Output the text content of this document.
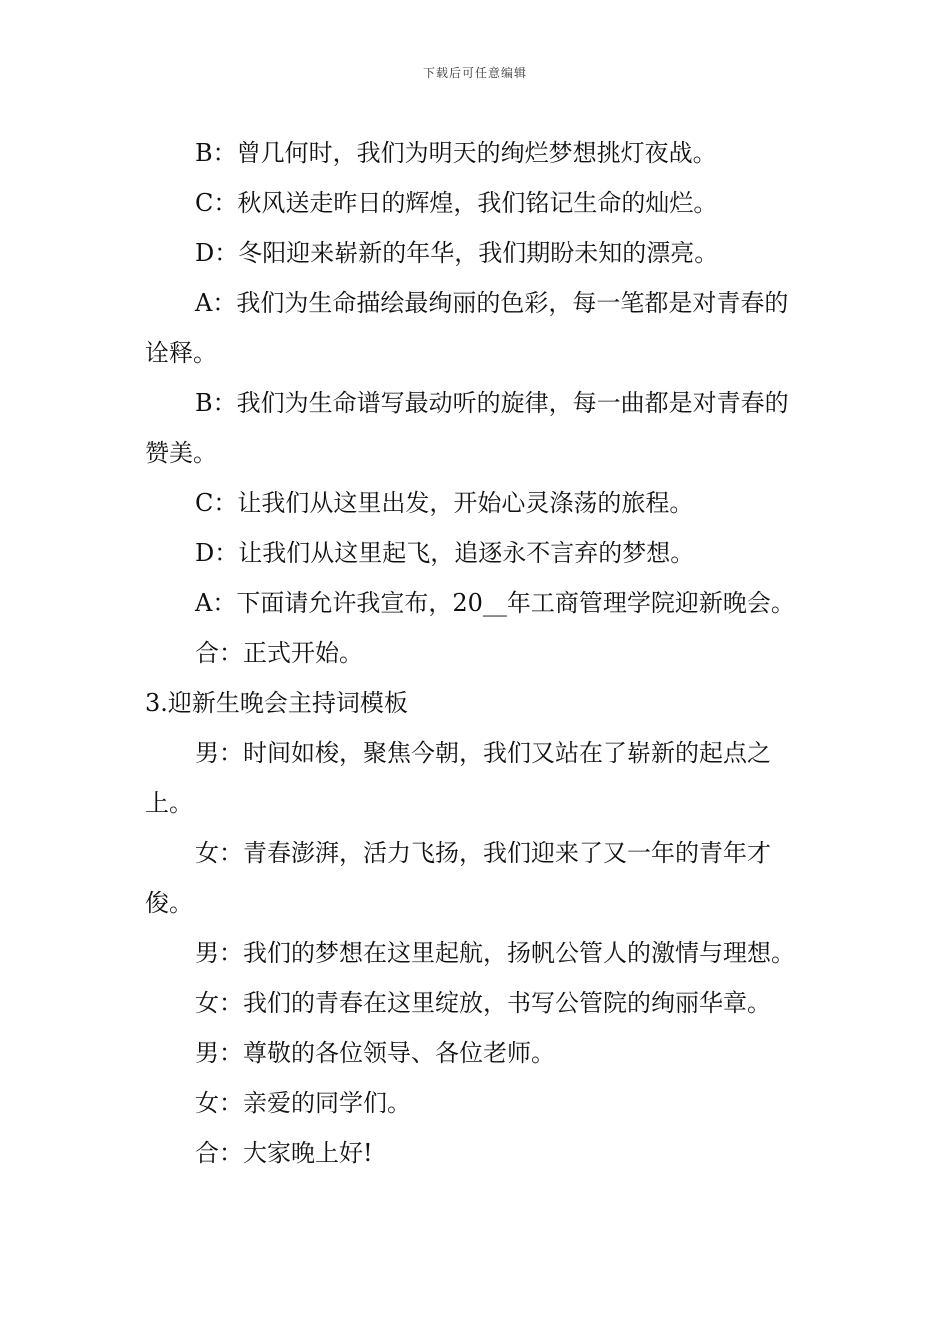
下载后可任意编辑

B：曾几何时，我们为明天的绚烂梦想挑灯夜战。

C：秋风送走昨日的辉煌，我们铭记生命的灿烂。

D：冬阳迎来崭新的年华，我们期盼未知的漂亮。

A：我们为生命描绘最绚丽的色彩，每一笔都是对青春的诠释。

B：我们为生命谱写最动听的旋律，每一曲都是对青春的赞美。

C：让我们从这里出发，开始心灵涤荡的旅程。

D：让我们从这里起飞，追逐永不言弃的梦想。

A：下面请允许我宣布，20__年工商管理学院迎新晚会。

合：正式开始。

3.迎新生晚会主持词模板

男：时间如梭，聚焦今朝，我们又站在了崭新的起点之上。

女：青春澎湃，活力飞扬，我们迎来了又一年的青年才俊。

男：我们的梦想在这里起航，扬帆公管人的激情与理想。

女：我们的青春在这里绽放，书写公管院的绚丽华章。

男：尊敬的各位领导、各位老师。

女：亲爱的同学们。

合：大家晚上好!
